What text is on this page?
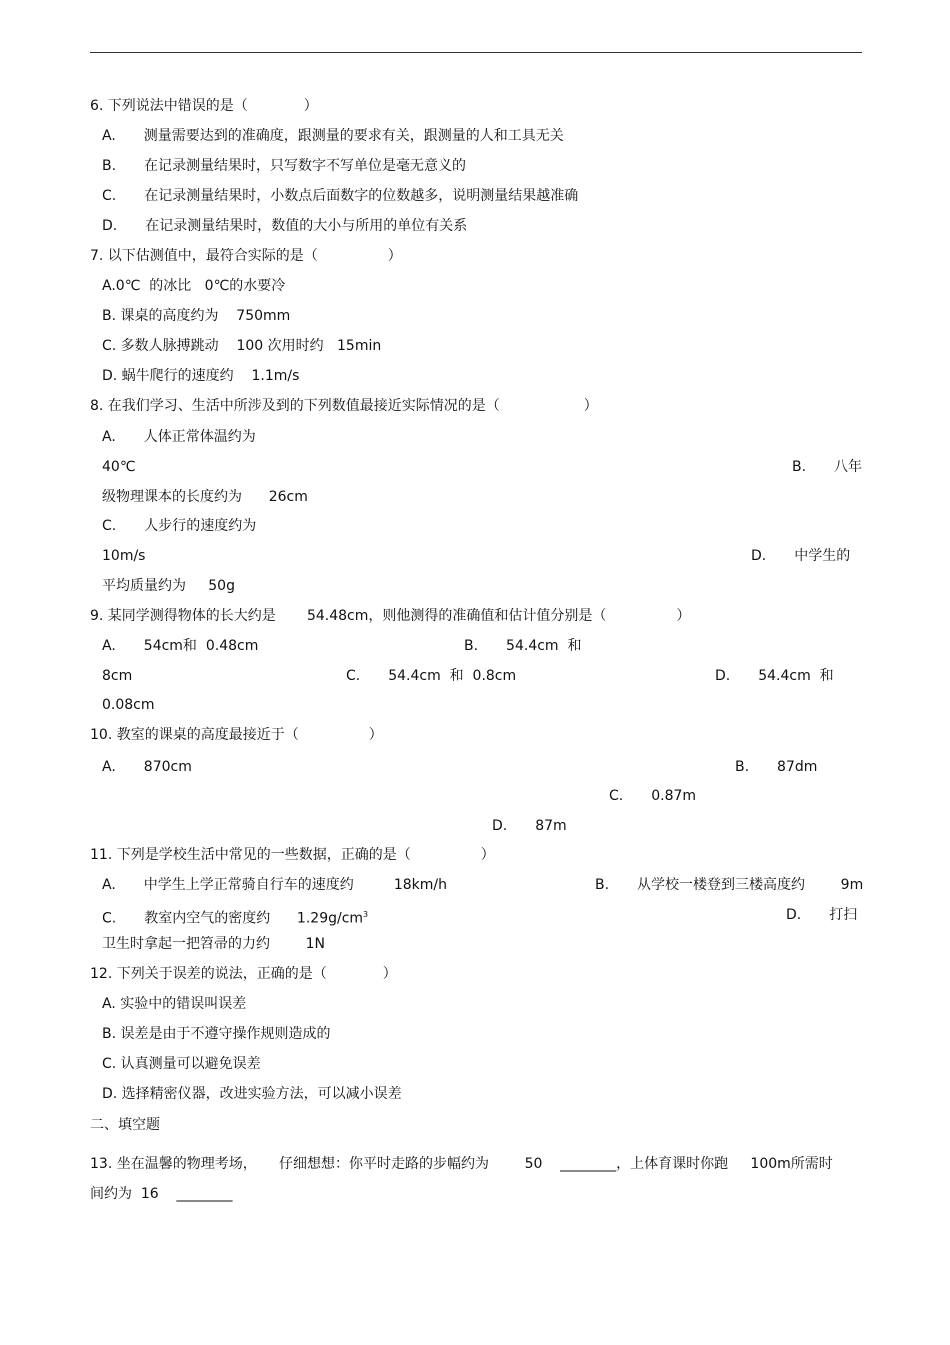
6. 下列说法中错误的是（　　　　）
A.　　测量需要达到的准确度，跟测量的要求有关，跟测量的人和工具无关
B.　　在记录测量结果时，只写数字不写单位是毫无意义的
C.　　在记录测量结果时，小数点后面数字的位数越多，说明测量结果越准确
D.　　在记录测量结果时，数值的大小与所用的单位有关系
7. 以下估测值中，最符合实际的是（　　　　　）
A.0℃  的冰比   0℃的水要冷
B. 课桌的高度约为    750mm
C. 多数人脉搏跳动    100 次用时约   15min
D. 蜗牛爬行的速度约    1.1m/s
8. 在我们学习、生活中所涉及到的下列数值最接近实际情况的是（　　　　　　）
A.　　人体正常体温约为
40℃	B.　　八年
级物理课本的长度约为      26cm
C.　　人步行的速度约为
10m/s	D.　　中学生的
平均质量约为     50g
9. 某同学测得物体的长大约是       54.48cm，则他测得的准确值和估计值分别是（　　　　　）
A.　　54cm和  0.48cm	B.　　54.4cm  和
8cm	C.　　54.4cm  和  0.8cm	D.　　54.4cm  和
0.08cm
10. 教室的课桌的高度最接近于（　　　　　）
A.　　870cm	B.　　87dm
C.　　0.87m
D.　　87m
11. 下列是学校生活中常见的一些数据，正确的是（　　　　　）
A.　　中学生上学正常骑自行车的速度约         18km/h	B.　　从学校一楼登到三楼高度约        9m
C.　　教室内空气的密度约      $1.29g/cm^3$	D.　　打扫
卫生时拿起一把笤帚的力约        1N
12. 下列关于误差的说法，正确的是（　　　　）
A. 实验中的错误叫误差
B. 误差是由于不遵守操作规则造成的
C. 认真测量可以避免误差
D. 选择精密仪器，改进实验方法，可以减小误差
二、填空题
13. 坐在温馨的物理考场，     仔细想想：你平时走路的步幅约为        50    ________，上体育课时你跑     100m所需时
间约为  16    ________
